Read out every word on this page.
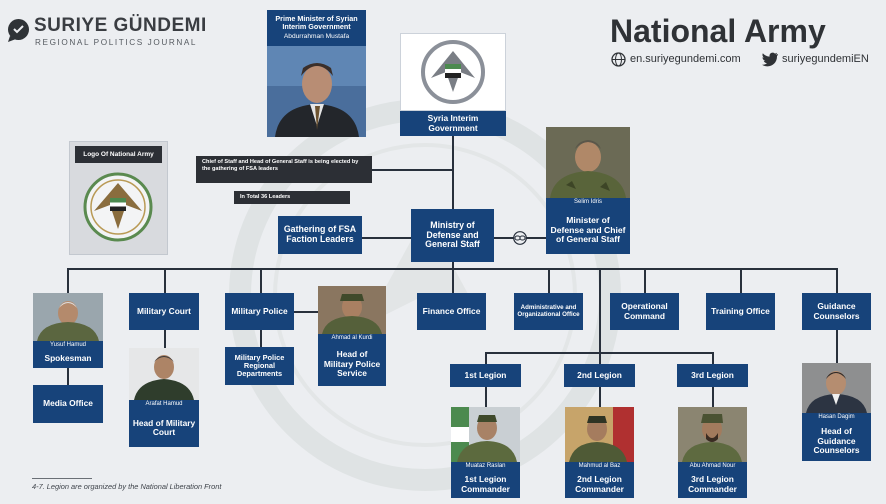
SURIYE GÜNDEMI
REGIONAL POLITICS JOURNAL	National Army
en.suriyegundemi.com	suriyegundemiEN
Prime Minister of Syrian Interim Government
Abdurrahman Mustafa
Syria Interim Government
Logo Of National Army
Chief of Staff and Head of General Staff is being elected by the gathering of FSA leaders
In Total 36 Leaders
Gathering of FSA Faction Leaders
Ministry of Defense and General Staff
Selim Idris
Minister of Defense and Chief of General Staff
Yusuf Hamud
Spokesman
Media Office
Military Court
Arafat Hamud
Head of Military Court
Military Police
Military Police Regional Departments
Ahmad al Kurdi
Head of Military Police Service
Finance Office	Administrative and Organizational Office
Operational Command	Training Office	Guidance Counselors
Hasan Dagim
Head of Guidance Counselors
1st Legion	2nd Legion	3rd Legion
Muataz Raslan
1st Legion Commander
Mahmud al Baz
2nd Legion Commander
Abu Ahmad Nour
3rd Legion Commander
4-7. Legion are organized by the National Liberation Front
